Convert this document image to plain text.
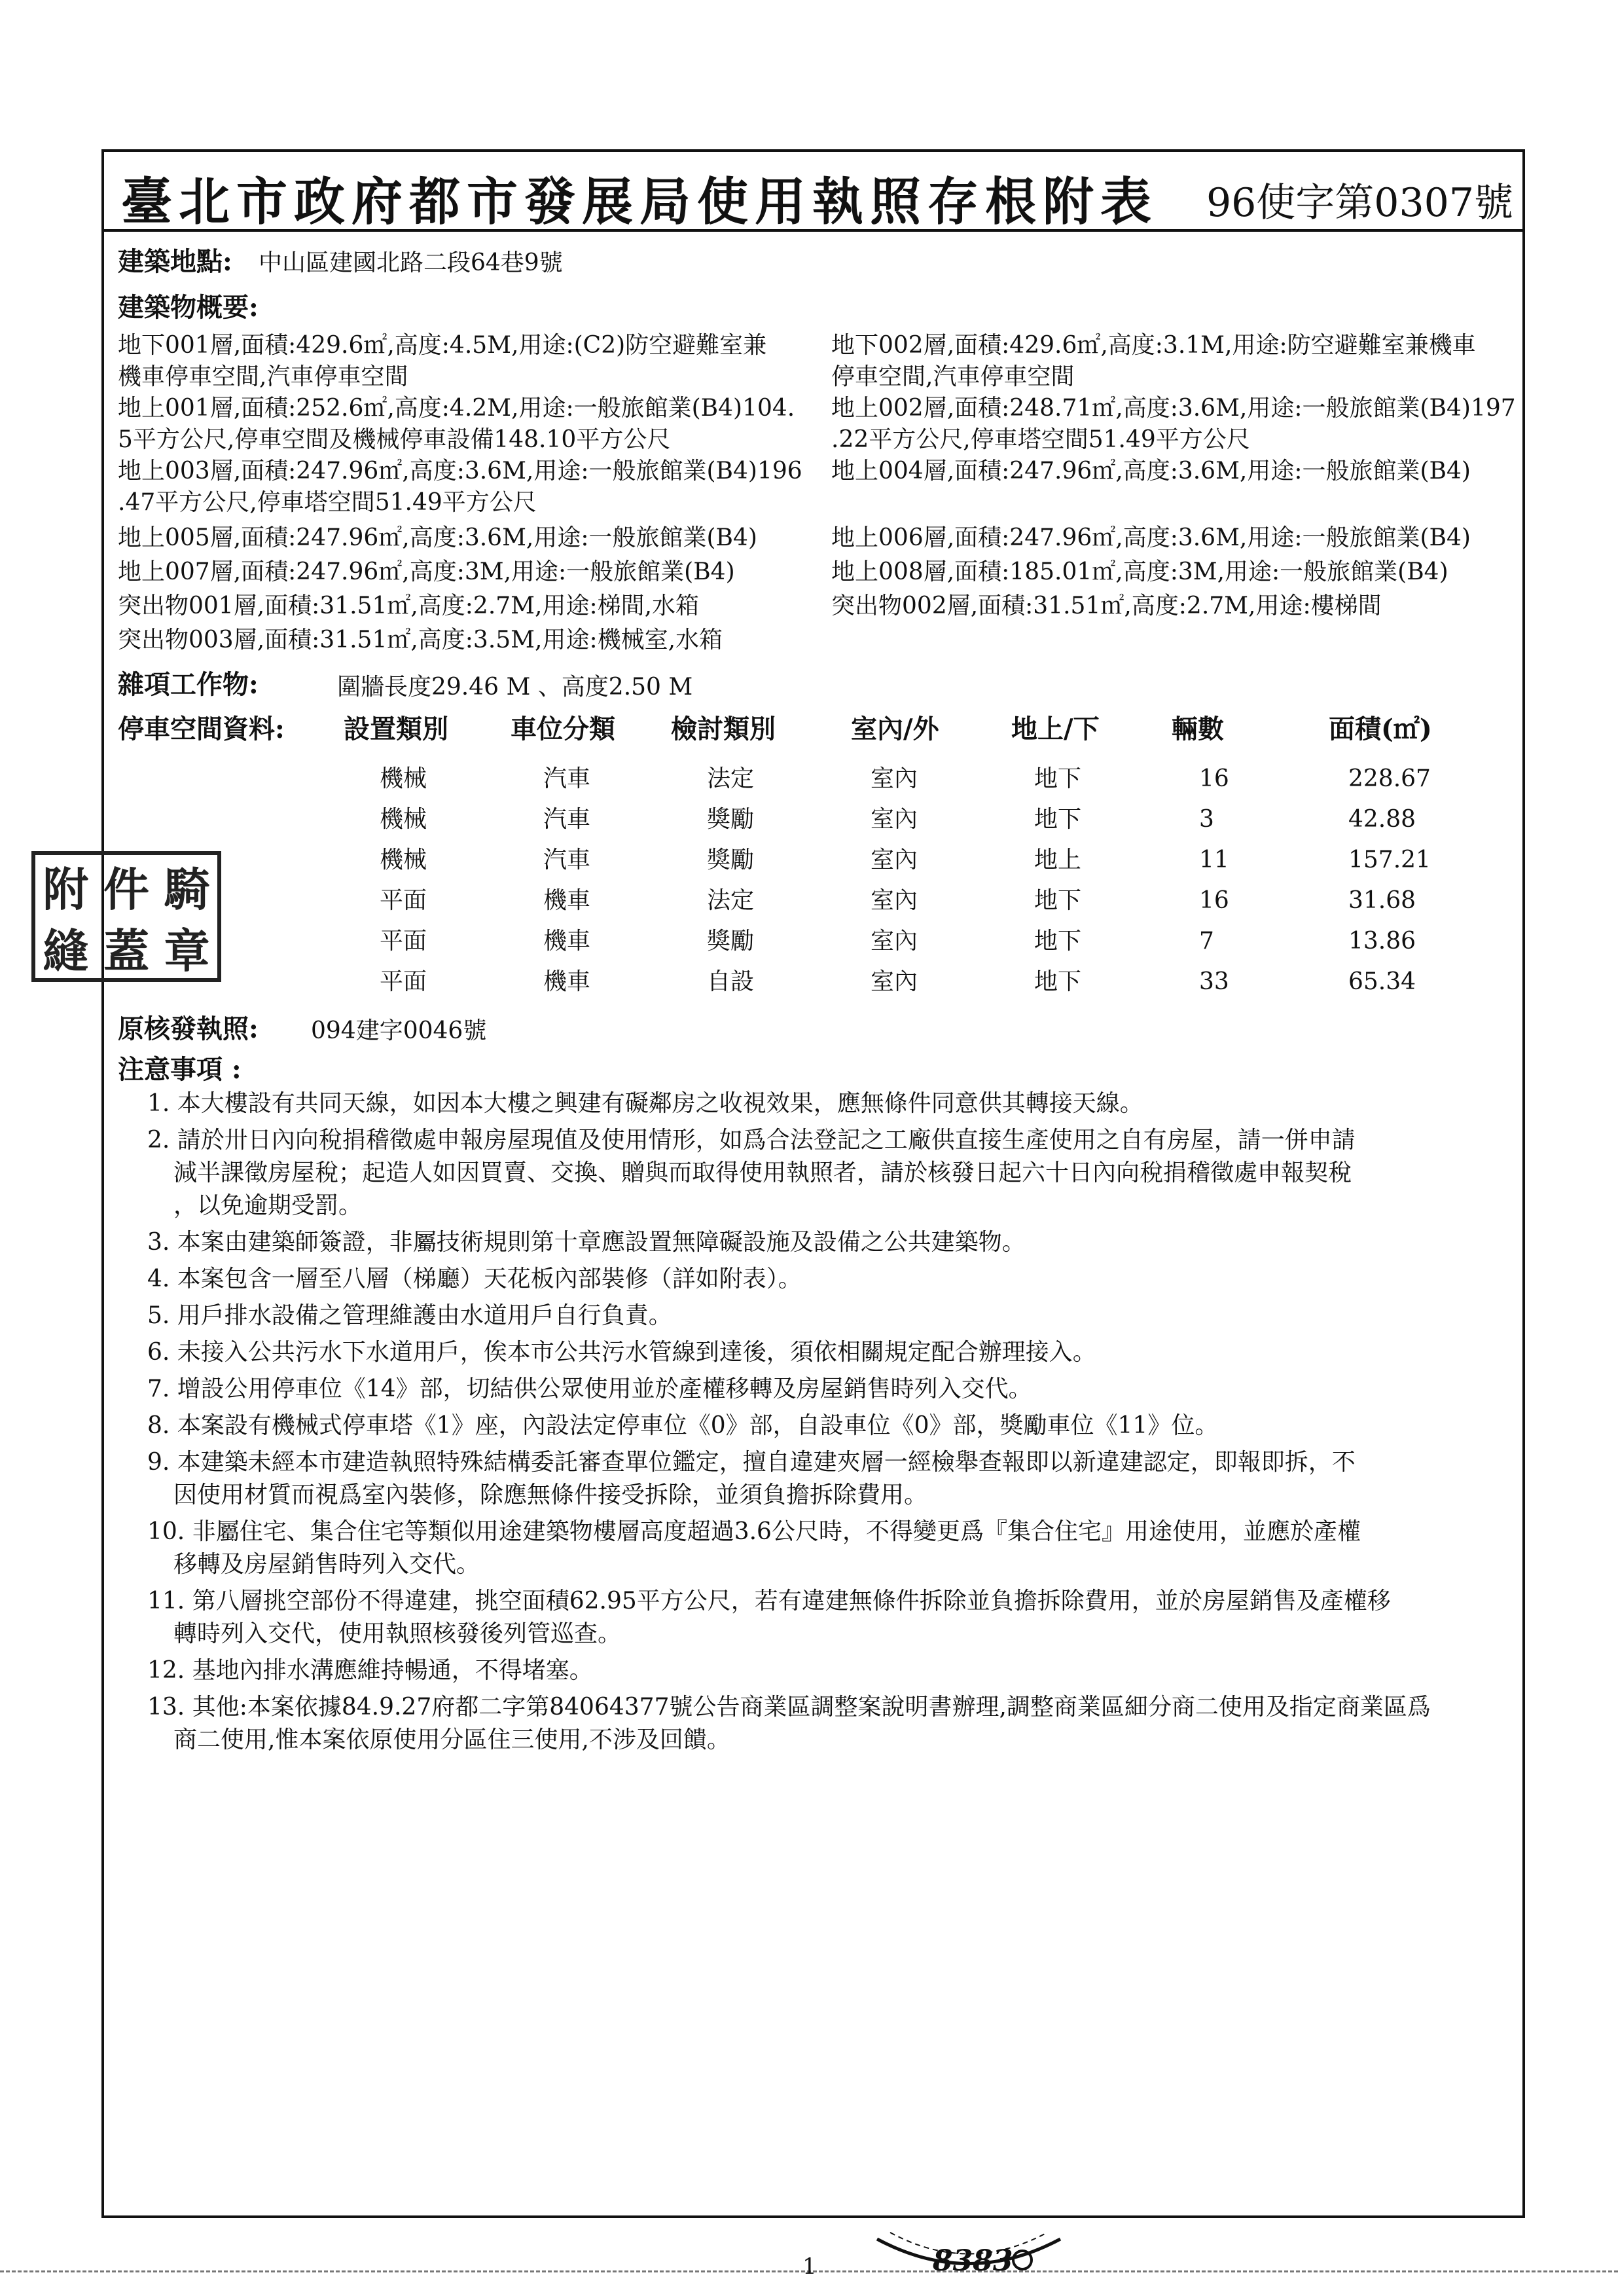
臺北市政府都市發展局使用執照存根附表 96使字第0307號
建築地點: 中山區建國北路二段64巷9號
建築物概要:
地下001層,面積:429.6㎡,高度:4.5M,用途:(C2)防空避難室兼
機車停車空間,汽車停車空間
地上001層,面積:252.6㎡,高度:4.2M,用途:一般旅館業(B4)104.
5平方公尺,停車空間及機械停車設備148.10平方公尺
地上003層,面積:247.96㎡,高度:3.6M,用途:一般旅館業(B4)196
.47平方公尺,停車塔空間51.49平方公尺
地上005層,面積:247.96㎡,高度:3.6M,用途:一般旅館業(B4)
地上007層,面積:247.96㎡,高度:3M,用途:一般旅館業(B4)
突出物001層,面積:31.51㎡,高度:2.7M,用途:梯間,水箱
突出物003層,面積:31.51㎡,高度:3.5M,用途:機械室,水箱
地下002層,面積:429.6㎡,高度:3.1M,用途:防空避難室兼機車
停車空間,汽車停車空間
地上002層,面積:248.71㎡,高度:3.6M,用途:一般旅館業(B4)197
.22平方公尺,停車塔空間51.49平方公尺
地上004層,面積:247.96㎡,高度:3.6M,用途:一般旅館業(B4)
地上006層,面積:247.96㎡,高度:3.6M,用途:一般旅館業(B4)
地上008層,面積:185.01㎡,高度:3M,用途:一般旅館業(B4)
突出物002層,面積:31.51㎡,高度:2.7M,用途:樓梯間
雜項工作物:	圍牆長度29.46 M 、高度2.50 M
停車空間資料: 設置類別 車位分類 檢討類別	室內/外	地上/下	輛數	面積(㎡)
機械	汽車	法定	室內	地下	16	228.67
機械	汽車	獎勵	室內	地下	3	42.88
機械	汽車	獎勵	室內	地上	11	157.21
平面	機車	法定	室內	地下	16	31.68
平面	機車	獎勵	室內	地下	7	13.86
平面	機車	自設	室內	地下	33	65.34
附 件 騎
縫 蓋 章
原核發執照: 094建字0046號
注意事項 :
1. 本大樓設有共同天線，如因本大樓之興建有礙鄰房之收視效果，應無條件同意供其轉接天線。
2. 請於卅日內向稅捐稽徵處申報房屋現值及使用情形，如爲合法登記之工廠供直接生產使用之自有房屋，請一併申請
減半課徵房屋稅；起造人如因買賣、交換、贈與而取得使用執照者，請於核發日起六十日內向稅捐稽徵處申報契稅
，以免逾期受罰。
3. 本案由建築師簽證，非屬技術規則第十章應設置無障礙設施及設備之公共建築物。
4. 本案包含一層至八層（梯廳）天花板內部裝修（詳如附表）。
5. 用戶排水設備之管理維護由水道用戶自行負責。
6. 未接入公共污水下水道用戶，俟本市公共污水管線到達後，須依相關規定配合辦理接入。
7. 增設公用停車位《14》部，切結供公眾使用並於產權移轉及房屋銷售時列入交代。
8. 本案設有機械式停車塔《1》座，內設法定停車位《0》部，自設車位《0》部，獎勵車位《11》位。
9. 本建築未經本市建造執照特殊結構委託審查單位鑑定，擅自違建夾層一經檢舉查報即以新違建認定，即報即拆，不
因使用材質而視爲室內裝修，除應無條件接受拆除，並須負擔拆除費用。
10. 非屬住宅、集合住宅等類似用途建築物樓層高度超過3.6公尺時，不得變更爲『集合住宅』用途使用，並應於產權
移轉及房屋銷售時列入交代。
11. 第八層挑空部份不得違建，挑空面積62.95平方公尺，若有違建無條件拆除並負擔拆除費用，並於房屋銷售及產權移
轉時列入交代，使用執照核發後列管巡查。
12. 基地內排水溝應維持暢通，不得堵塞。
13. 其他:本案依據84.9.27府都二字第84064377號公告商業區調整案說明書辦理,調整商業區細分商二使用及指定商業區爲
商二使用,惟本案依原使用分區住三使用,不涉及回饋。
1	8383
